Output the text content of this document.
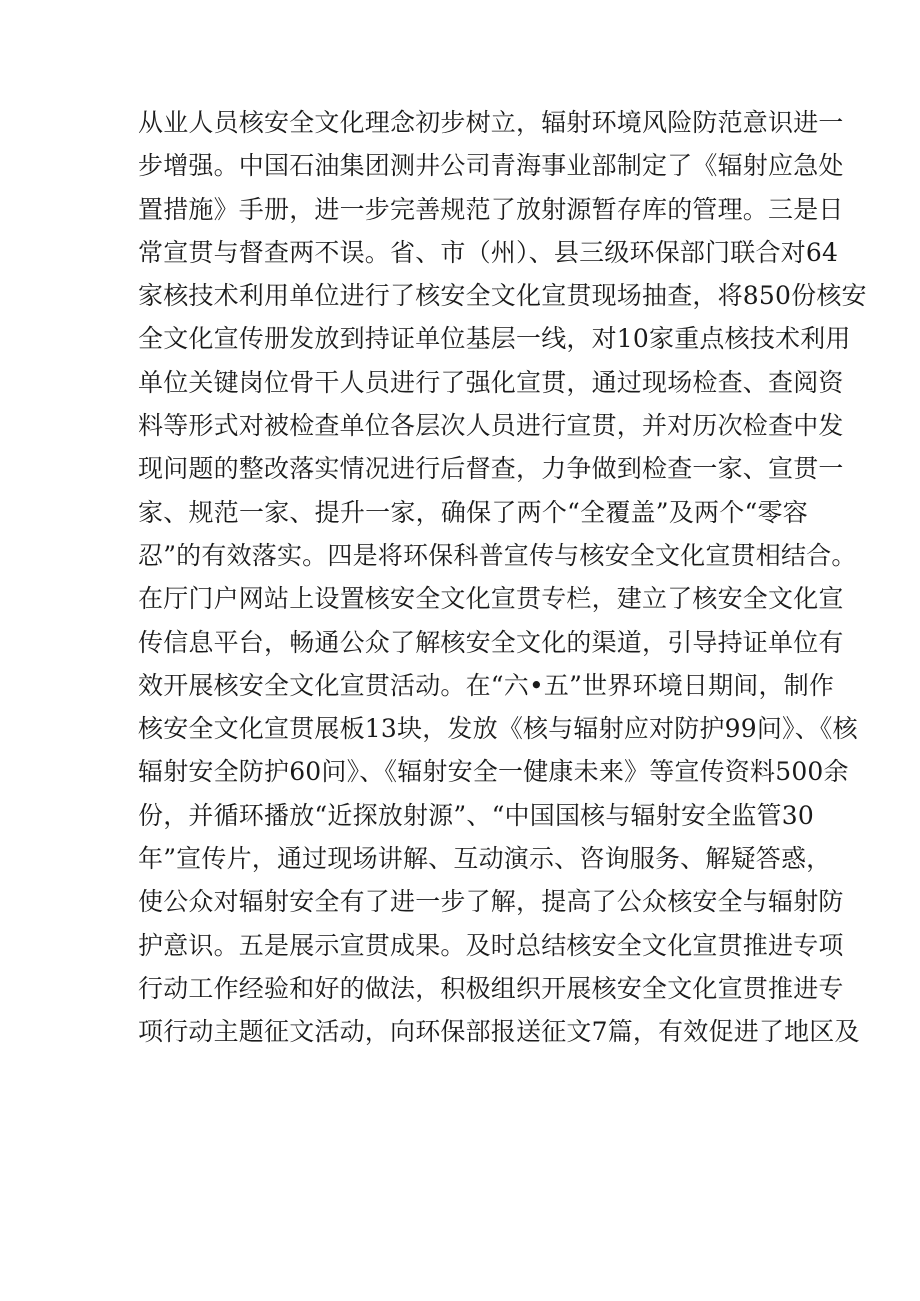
从业人员核安全文化理念初步树立，辐射环境风险防范意识进一
步增强。中国石油集团测井公司青海事业部制定了《辐射应急处
置措施》手册，进一步完善规范了放射源暂存库的管理。三是日
常宣贯与督查两不误。省、市（州）、县三级环保部门联合对64
家核技术利用单位进行了核安全文化宣贯现场抽查，将850份核安
全文化宣传册发放到持证单位基层一线，对10家重点核技术利用
单位关键岗位骨干人员进行了强化宣贯，通过现场检查、查阅资
料等形式对被检查单位各层次人员进行宣贯，并对历次检查中发
现问题的整改落实情况进行后督查，力争做到检查一家、宣贯一
家、规范一家、提升一家，确保了两个“全覆盖”及两个“零容
忍”的有效落实。四是将环保科普宣传与核安全文化宣贯相结合。
在厅门户网站上设置核安全文化宣贯专栏，建立了核安全文化宣
传信息平台，畅通公众了解核安全文化的渠道，引导持证单位有
效开展核安全文化宣贯活动。在“六•五”世界环境日期间，制作
核安全文化宣贯展板13块，发放《核与辐射应对防护99问》、《核
辐射安全防护60问》、《辐射安全一健康未来》等宣传资料500余
份，并循环播放“近探放射源”、“中国国核与辐射安全监管30
年”宣传片，通过现场讲解、互动演示、咨询服务、解疑答惑，
使公众对辐射安全有了进一步了解，提高了公众核安全与辐射防
护意识。五是展示宣贯成果。及时总结核安全文化宣贯推进专项
行动工作经验和好的做法，积极组织开展核安全文化宣贯推进专
项行动主题征文活动，向环保部报送征文7篇，有效促进了地区及
